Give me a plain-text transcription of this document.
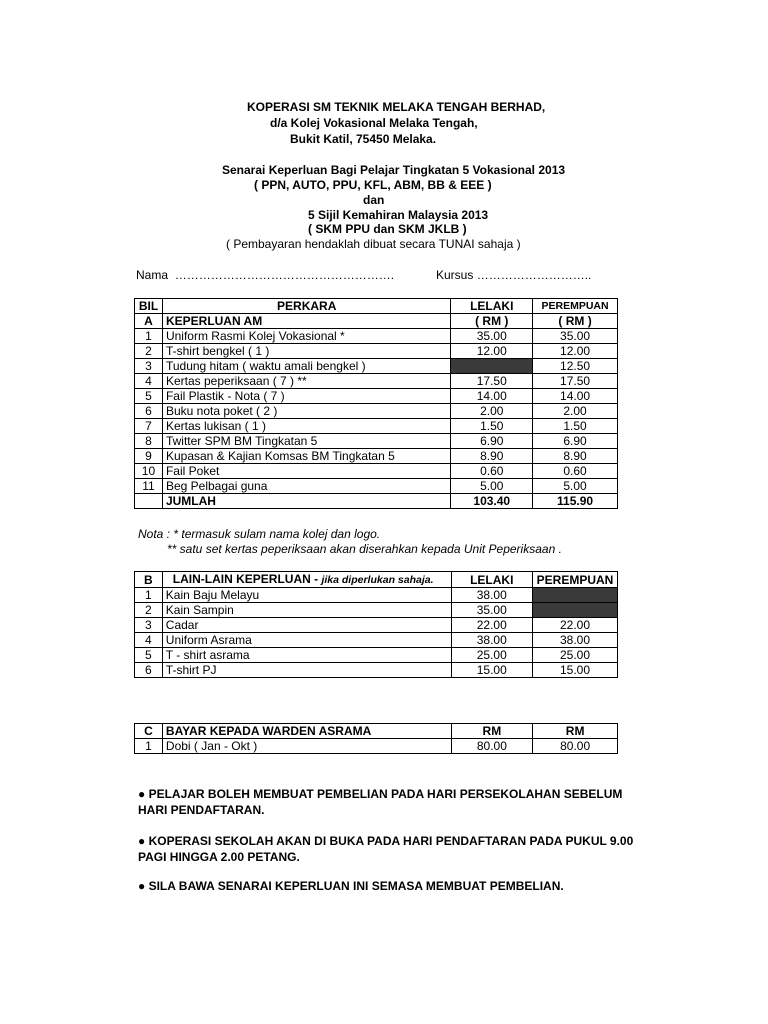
KOPERASI SM TEKNIK MELAKA TENGAH BERHAD,
d/a Kolej Vokasional Melaka Tengah,
Bukit Katil, 75450 Melaka.
Senarai Keperluan Bagi Pelajar Tingkatan 5 Vokasional 2013
( PPN, AUTO, PPU, KFL, ABM, BB & EEE )
dan
5 Sijil Kemahiran Malaysia 2013
( SKM PPU dan SKM JKLB )
( Pembayaran hendaklah dibuat secara TUNAI sahaja )
Nama ……………………………………………….	Kursus ………………………..
BIL	PERKARA	LELAKI	PEREMPUAN
A	KEPERLUAN AM	( RM )	( RM )
1	Uniform Rasmi Kolej Vokasional *	35.00	35.00
2	T-shirt bengkel ( 1 )	12.00	12.00
3	Tudung hitam ( waktu amali bengkel )		12.50
4	Kertas peperiksaan ( 7 ) **	17.50	17.50
5	Fail Plastik - Nota ( 7 )	14.00	14.00
6	Buku nota poket ( 2 )	2.00	2.00
7	Kertas lukisan ( 1 )	1.50	1.50
8	Twitter SPM BM Tingkatan 5	6.90	6.90
9	Kupasan & Kajian Komsas BM Tingkatan 5	8.90	8.90
10	Fail Poket	0.60	0.60
11	Beg Pelbagai guna	5.00	5.00
	JUMLAH	103.40	115.90
Nota : * termasuk sulam nama kolej dan logo.
** satu set kertas peperiksaan akan diserahkan kepada Unit Peperiksaan .
B	LAIN-LAIN KEPERLUAN - jika diperlukan sahaja.	LELAKI	PEREMPUAN
1	Kain Baju Melayu	38.00	
2	Kain Sampin	35.00	
3	Cadar	22.00	22.00
4	Uniform Asrama	38.00	38.00
5	T - shirt asrama	25.00	25.00
6	T-shirt PJ	15.00	15.00
C	BAYAR KEPADA WARDEN ASRAMA	RM	RM
1	Dobi ( Jan - Okt )	80.00	80.00
● PELAJAR BOLEH MEMBUAT PEMBELIAN PADA HARI PERSEKOLAHAN SEBELUM
HARI PENDAFTARAN.
● KOPERASI SEKOLAH AKAN DI BUKA PADA HARI PENDAFTARAN PADA PUKUL 9.00
PAGI HINGGA 2.00 PETANG.
● SILA BAWA SENARAI KEPERLUAN INI SEMASA MEMBUAT PEMBELIAN.
